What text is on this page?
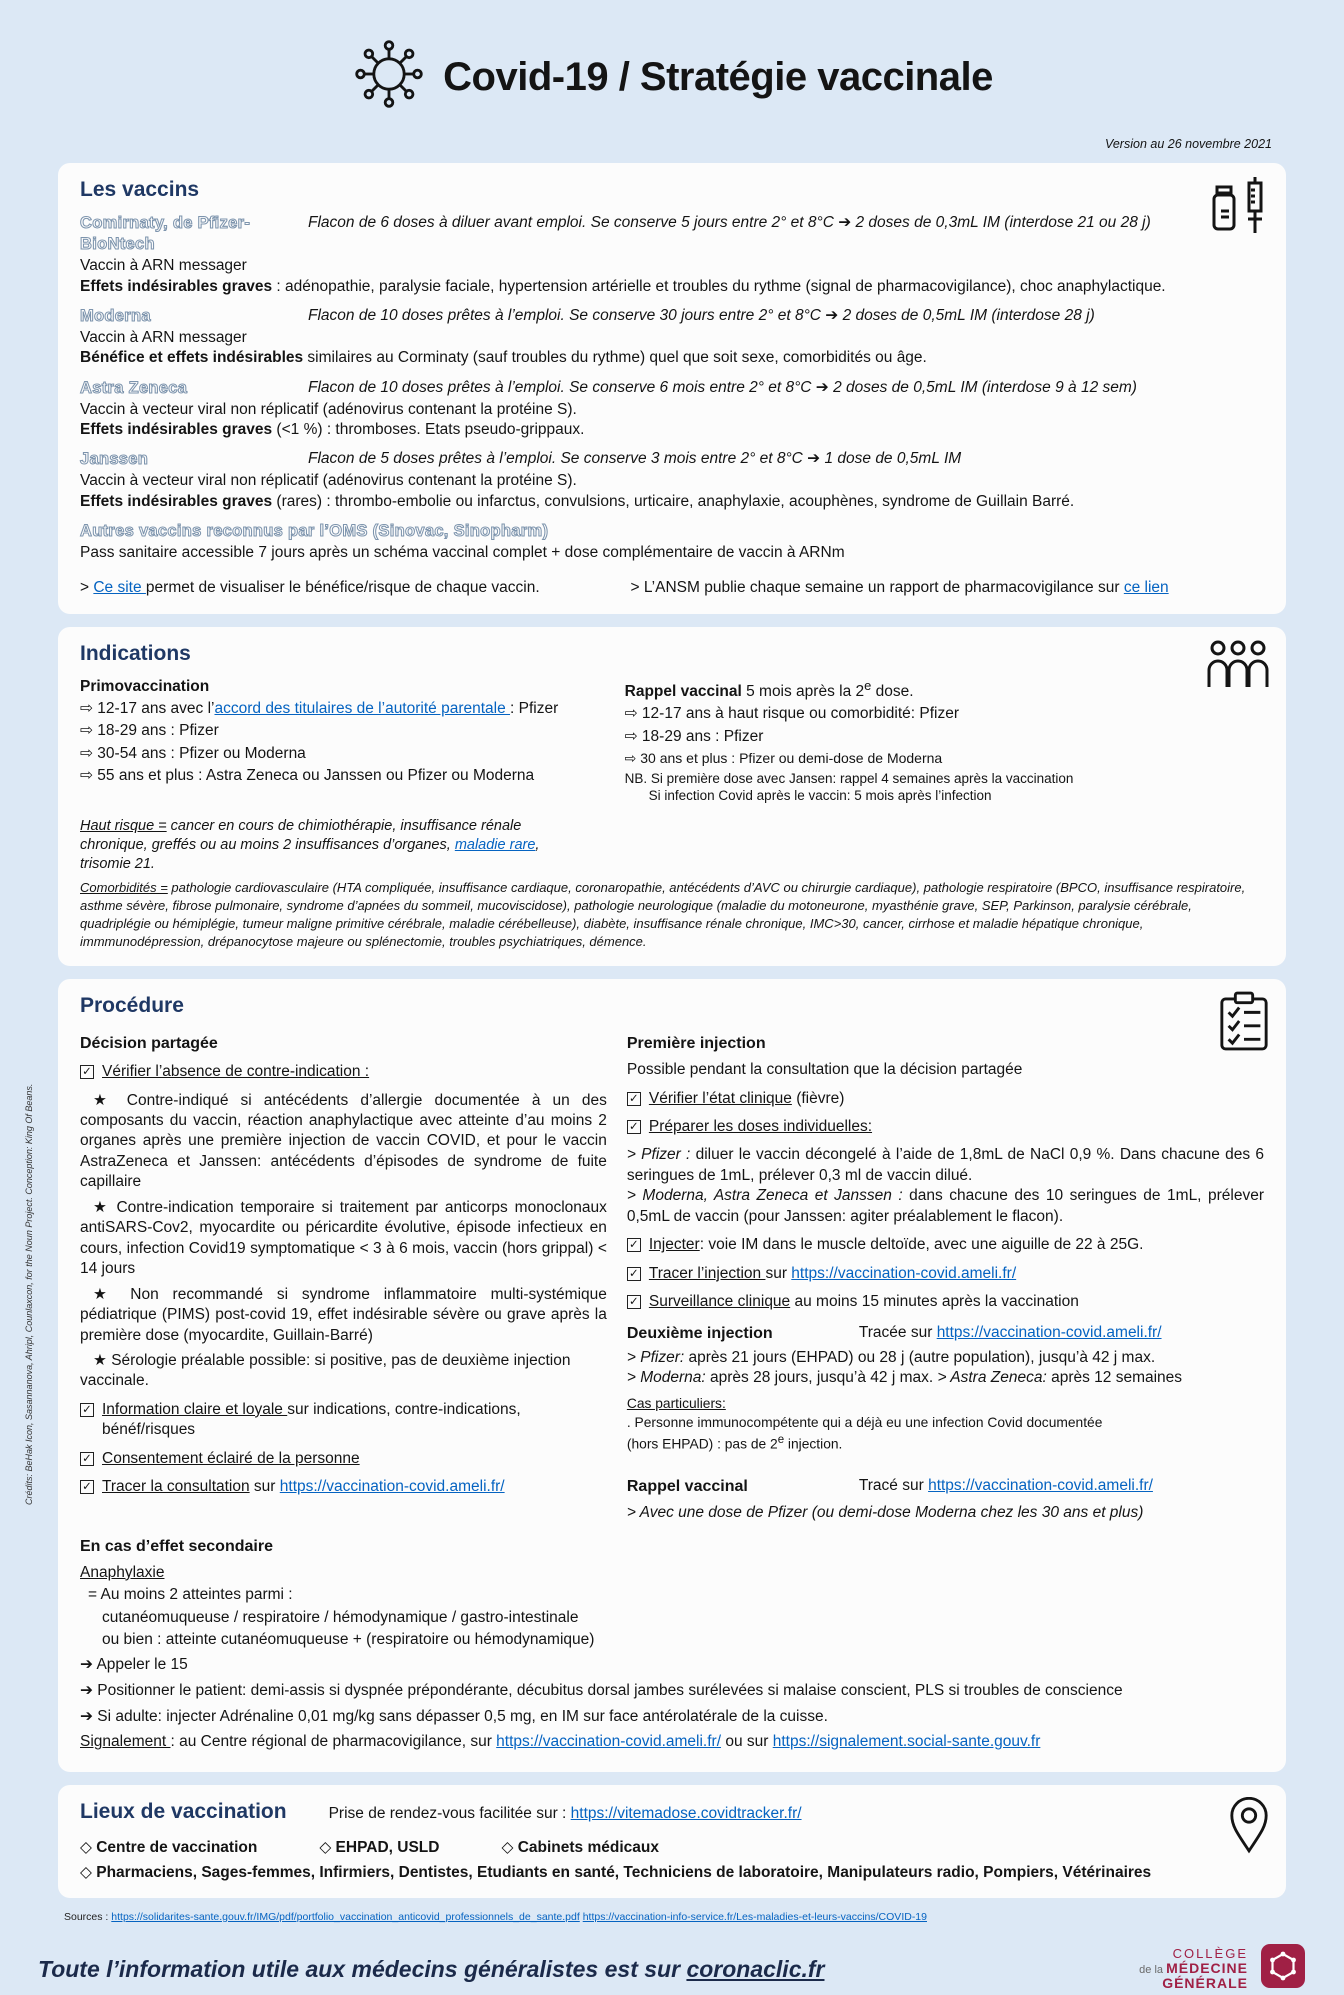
Covid-19 / Stratégie vaccinale
Version au 26 novembre 2021
Les vaccins
Comirnaty, de Pfizer-BioNtech
Flacon de 6 doses à diluer avant emploi. Se conserve 5 jours entre 2° et 8°C ➔ 2 doses de 0,3mL IM (interdose 21 ou 28 j)
Vaccin à ARN messager
Effets indésirables graves : adénopathie, paralysie faciale, hypertension artérielle et troubles du rythme (signal de pharmacovigilance), choc anaphylactique.
Moderna	Flacon de 10 doses prêtes à l’emploi. Se conserve 30 jours entre 2° et 8°C ➔ 2 doses de 0,5mL IM (interdose 28 j)
Vaccin à ARN messager
Bénéfice et effets indésirables similaires au Corminaty (sauf troubles du rythme) quel que soit sexe, comorbidités ou âge.
Astra Zeneca	Flacon de 10 doses prêtes à l’emploi. Se conserve 6 mois entre 2° et 8°C ➔ 2 doses de 0,5mL IM (interdose 9 à 12 sem)
Vaccin à vecteur viral non réplicatif (adénovirus contenant la protéine S).
Effets indésirables graves (<1 %) : thromboses. Etats pseudo-grippaux.
Janssen	Flacon de 5 doses prêtes à l’emploi. Se conserve 3 mois entre 2° et 8°C ➔ 1 dose de 0,5mL IM
Vaccin à vecteur viral non réplicatif (adénovirus contenant la protéine S).
Effets indésirables graves (rares) : thrombo-embolie ou infarctus, convulsions, urticaire, anaphylaxie, acouphènes, syndrome de Guillain Barré.
Autres vaccins reconnus par l’OMS (Sinovac, Sinopharm)
Pass sanitaire accessible 7 jours après un schéma vaccinal complet + dose complémentaire de vaccin à ARNm
> Ce site permet de visualiser le bénéfice/risque de chaque vaccin.	> L’ANSM publie chaque semaine un rapport de pharmacovigilance sur ce lien
Indications
Primovaccination
⇨ 12-17 ans avec l’accord des titulaires de l’autorité parentale : Pfizer
⇨ 18-29 ans : Pfizer
⇨ 30-54 ans : Pfizer ou Moderna
⇨ 55 ans et plus : Astra Zeneca ou Janssen ou Pfizer ou Moderna
Rappel vaccinal 5 mois après la 2e dose.
⇨ 12-17 ans à haut risque ou comorbidité: Pfizer
⇨ 18-29 ans : Pfizer
⇨ 30 ans et plus : Pfizer ou demi-dose de Moderna
NB. Si première dose avec Jansen: rappel 4 semaines après la vaccination
Si infection Covid après le vaccin: 5 mois après l’infection
Haut risque = cancer en cours de chimiothérapie, insuffisance rénale chronique, greffés ou au moins 2 insuffisances d’organes, maladie rare, trisomie 21.
Comorbidités = pathologie cardiovasculaire (HTA compliquée, insuffisance cardiaque, coronaropathie, antécédents d’AVC ou chirurgie cardiaque), pathologie respiratoire (BPCO, insuffisance respiratoire, asthme sévère, fibrose pulmonaire, syndrome d’apnées du sommeil, mucoviscidose), pathologie neurologique (maladie du motoneurone, myasthénie grave, SEP, Parkinson, paralysie cérébrale, quadriplégie ou hémiplégie, tumeur maligne primitive cérébrale, maladie cérébelleuse), diabète, insuffisance rénale chronique, IMC>30, cancer, cirrhose et maladie hépatique chronique, immmunodépression, drépanocytose majeure ou splénectomie, troubles psychiatriques, démence.
Procédure
Décision partagée
✓
Vérifier l’absence de contre-indication :

★ Contre-indiqué si antécédents d’allergie documentée à un des composants du vaccin, réaction anaphylactique avec atteinte d’au moins 2 organes après une première injection de vaccin COVID, et pour le vaccin AstraZeneca et Janssen: antécédents d’épisodes de syndrome de fuite capillaire

★ Contre-indication temporaire si traitement par anticorps monoclonaux antiSARS-Cov2, myocardite ou péricardite évolutive, épisode infectieux en cours, infection Covid19 symptomatique < 3 à 6 mois, vaccin (hors grippal) < 14 jours

★ Non recommandé si syndrome inflammatoire multi-systémique pédiatrique (PIMS) post-covid 19, effet indésirable sévère ou grave après la première dose (myocardite, Guillain-Barré)

★ Sérologie préalable possible: si positive, pas de deuxième injection vaccinale.

✓
Information claire et loyale sur indications, contre-indications, bénéf/risques
✓
Consentement éclairé de la personne
✓
Tracer la consultation sur https://vaccination-covid.ameli.fr/
En cas d’effet secondaire
Anaphylaxie
= Au moins 2 atteintes parmi :
cutanéomuqueuse / respiratoire / hémodynamique / gastro-intestinale
ou bien : atteinte cutanéomuqueuse + (respiratoire ou hémodynamique)
➔ Appeler le 15
Première injection
Possible pendant la consultation que la décision partagée
✓
Vérifier l’état clinique (fièvre)
✓
Préparer les doses individuelles:

> Pfizer : diluer le vaccin décongelé à l’aide de 1,8mL de NaCl 0,9 %. Dans chacune des 6 seringues de 1mL, prélever 0,3 ml de vaccin dilué.

> Moderna, Astra Zeneca et Janssen : dans chacune des 10 seringues de 1mL, prélever 0,5mL de vaccin (pour Janssen: agiter préalablement le flacon).

✓
Injecter: voie IM dans le muscle deltoïde, avec une aiguille de 22 à 25G.
✓
Tracer l’injection sur https://vaccination-covid.ameli.fr/
✓
Surveillance clinique au moins 15 minutes après la vaccination
Deuxième injection	Tracée sur https://vaccination-covid.ameli.fr/
> Pfizer: après 21 jours (EHPAD) ou 28 j (autre population), jusqu’à 42 j max.
> Moderna: après 28 jours, jusqu’à 42 j max. > Astra Zeneca: après 12 semaines
Cas particuliers:
. Personne immunocompétente qui a déjà eu une infection Covid documentée
(hors EHPAD) : pas de 2e injection.
Rappel vaccinal	Tracé sur https://vaccination-covid.ameli.fr/
> Avec une dose de Pfizer (ou demi-dose Moderna chez les 30 ans et plus)

➔ Positionner le patient: demi-assis si dyspnée prépondérante, décubitus dorsal jambes surélevées si malaise conscient, PLS si troubles de conscience

➔ Si adulte: injecter Adrénaline 0,01 mg/kg sans dépasser 0,5 mg, en IM sur face antérolatérale de la cuisse.

Signalement : au Centre régional de pharmacovigilance, sur https://vaccination-covid.ameli.fr/ ou sur https://signalement.social-sante.gouv.fr

Lieux de vaccination	Prise de rendez-vous facilitée sur : https://vitemadose.covidtracker.fr/
◇ Centre de vaccination	◇ EHPAD, USLD	◇ Cabinets médicaux
◇ Pharmaciens, Sages-femmes, Infirmiers, Dentistes, Etudiants en santé, Techniciens de laboratoire, Manipulateurs radio, Pompiers, Vétérinaires
Sources : https://solidarites-sante.gouv.fr/IMG/pdf/portfolio_vaccination_anticovid_professionnels_de_sante.pdf https://vaccination-info-service.fr/Les-maladies-et-leurs-vaccins/COVID-19
Toute l’information utile aux médecins généralistes est sur coronaclic.fr
COLLÈGE
de la MÉDECINE
GÉNÉRALE
Crédits: BeHak Icon, Sasannanova, Ahripl, Counlaxcon, for the Noun Project. Conception: King Of Beans.
